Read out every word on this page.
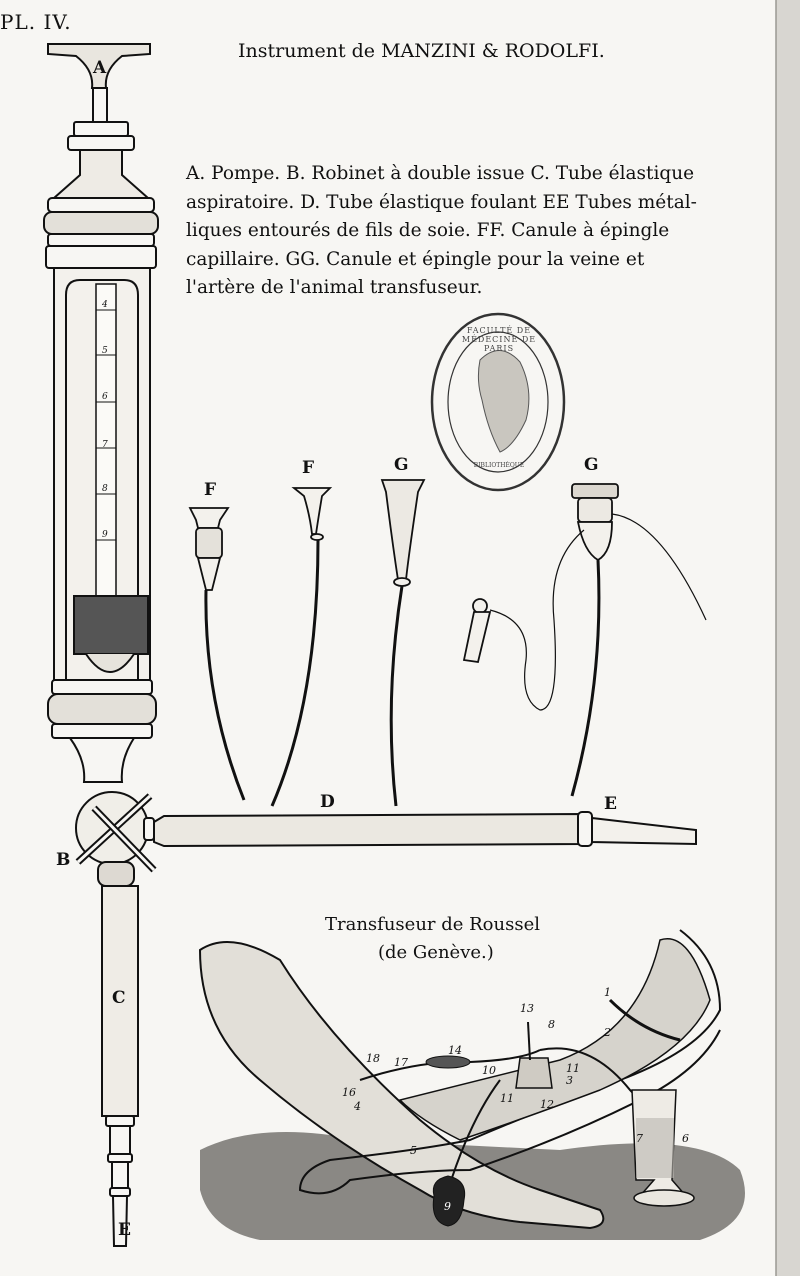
PL. IV.
Instrument de MANZINI & RODOLFI.
A. Pompe. B. Robinet à double issue C. Tube élastique
aspiratoire. D. Tube élastique foulant EE Tubes métal-
liques entourés de fils de soie. FF. Canule à épingle
capillaire. GG. Canule et épingle pour la veine et
l'artère de l'animal transfuseur.
FACULTÉ DE MÉDECINE DE PARIS
BIBLIOTHÈQUE
4
5
6
7
8
9
A
B
C
D	E
E
F
F	G	G
Transfuseur de Roussel
(de Genève.)
1
2
3
4
5
6
7
8
9
10	11
11 12
13
14
16
17
18
